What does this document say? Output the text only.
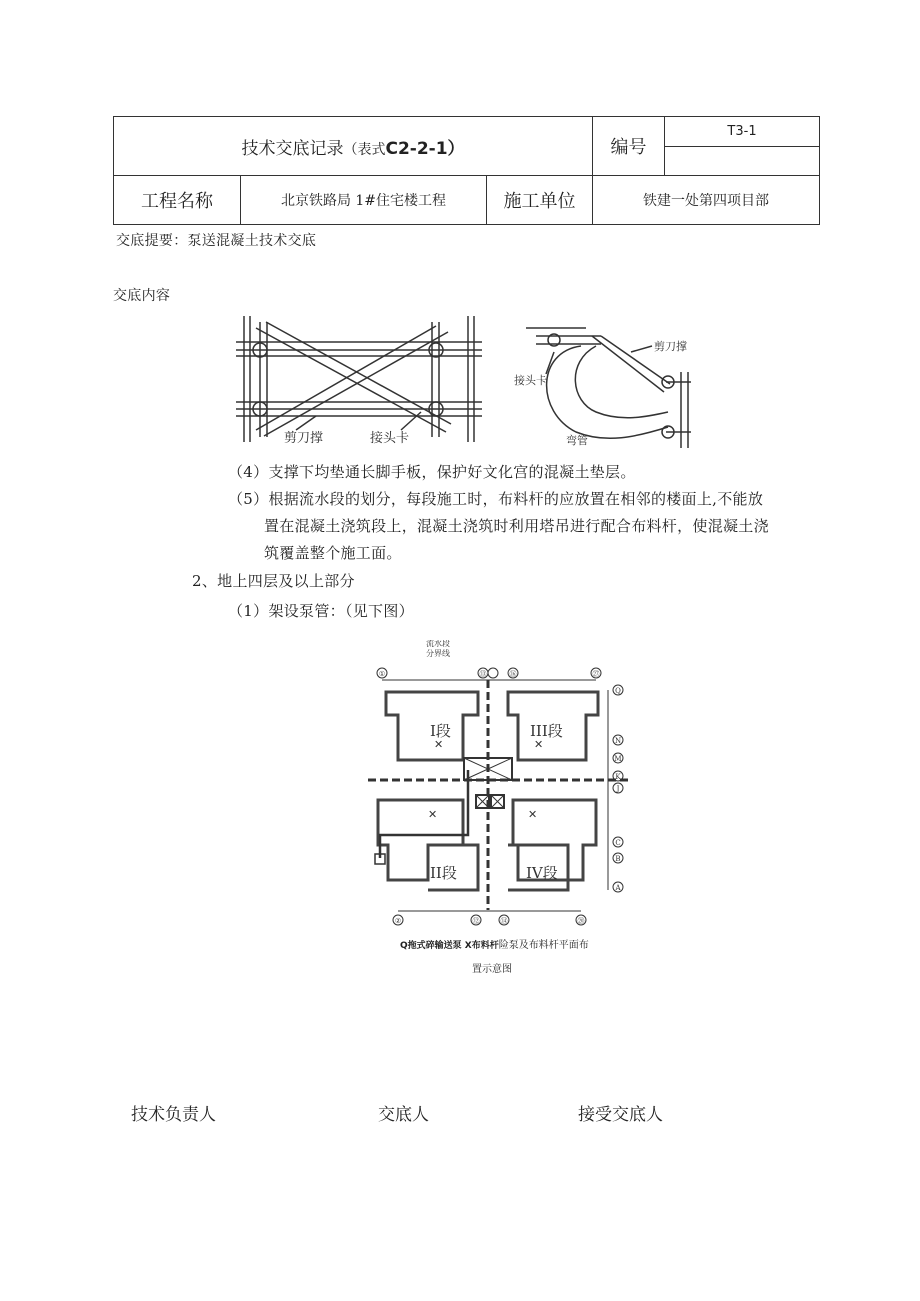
技术交底记录（表式C2-2-1）			编号	T3-1

工程名称	北京铁路局 1#住宅楼工程	施工单位	铁建一处第四项目部	
交底提要：泵送混凝土技术交底
交底内容
剪刀撑	接头卡
接头卡
剪刀撑
弯管
（4）支撑下均垫通长脚手板，保护好文化宫的混凝土垫层。
（5）根据流水段的划分，每段施工时，布料杆的应放置在相邻的楼面上,不能放
置在混凝土浇筑段上，混凝土浇筑时利用塔吊进行配合布料杆，使混凝土浇
筑覆盖整个施工面。
2、地上四层及以上部分
（1）架设泵管：（见下图）
✕	✕
✕	✕
流水段
分界线
I段
II段
III段
IV段
①	⑬	⑯	㉗
②	⑫	⑭	⑳
Q
N
M
K
J
C
B
A
Q拖式碎输送泵 X布料杆险泵及布料杆平面布
置示意图
技术负责人	交底人	接受交底人
